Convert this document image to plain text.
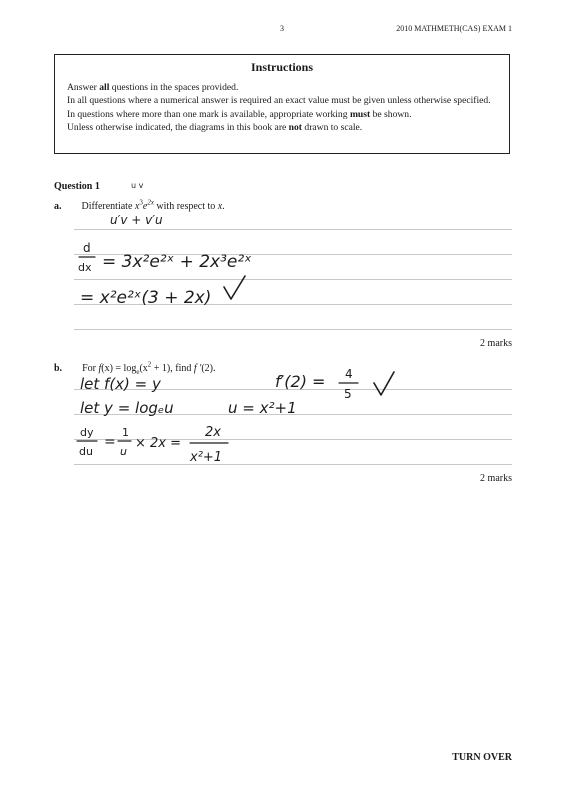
3	2010 MATHMETH(CAS) EXAM 1
Instructions

Answer all questions in the spaces provided.

In all questions where a numerical answer is required an exact value must be given unless otherwise specified.

In questions where more than one mark is available, appropriate working must be shown.

Unless otherwise indicated, the diagrams in this book are not drawn to scale.

Question 1
a. Differentiate $x^3e^{2x}$ with respect to x.
2 marks
b. For $f(x) = \log_e(x^2 + 1)$, find f ′(2).
2 marks
u v
u′v + v′u
d
dx = 3x²e²ˣ + 2x³e²ˣ
= x²e²ˣ(3 + 2x)
let f(x) = y
let y = logₑu	u = x²+1
f′(2) = 4
5
dy
du
=
1
u
× 2x =
2x
x²+1
TURN OVER
